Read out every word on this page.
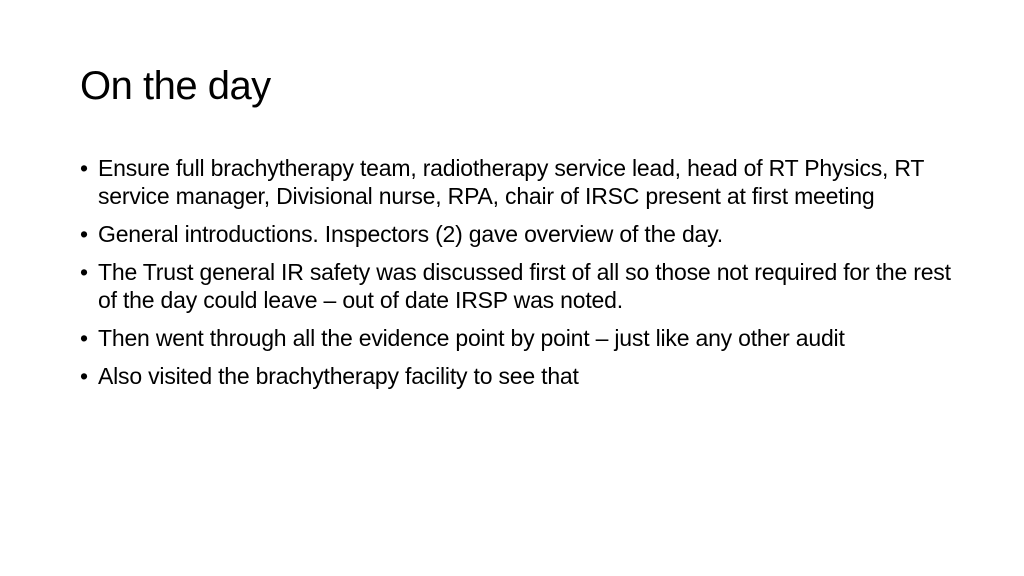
On the day
• Ensure full brachytherapy team, radiotherapy service lead, head of RT Physics, RT service manager, Divisional nurse, RPA, chair of IRSC present at first meeting
• General introductions. Inspectors (2) gave overview of the day.
• The Trust general IR safety was discussed first of all so those not required for the rest of the day could leave – out of date IRSP was noted.
• Then went through all the evidence point by point – just like any other audit
• Also visited the brachytherapy facility to see that
